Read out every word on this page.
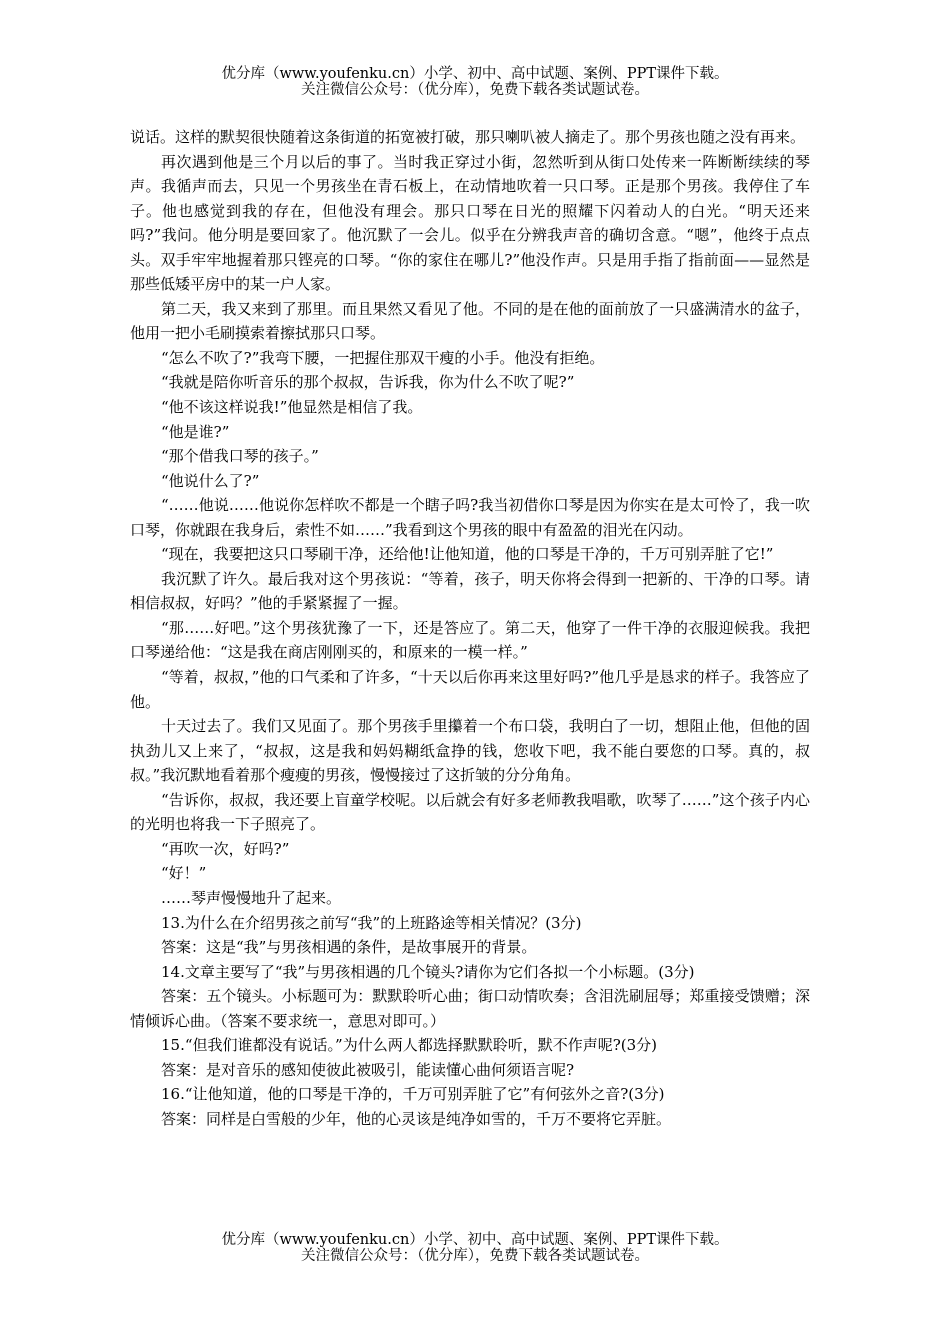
优分库（www.youfenku.cn）小学、初中、高中试题、案例、PPT课件下载。
关注微信公众号：（优分库），免费下载各类试题试卷。

说话。这样的默契很快随着这条街道的拓宽被打破，那只喇叭被人摘走了。那个男孩也随之没有再来。

再次遇到他是三个月以后的事了。当时我正穿过小街，忽然听到从街口处传来一阵断断续续的琴声。我循声而去，只见一个男孩坐在青石板上，在动情地吹着一只口琴。正是那个男孩。我停住了车子。他也感觉到我的存在，但他没有理会。那只口琴在日光的照耀下闪着动人的白光。“明天还来吗?”我问。他分明是要回家了。他沉默了一会儿。似乎在分辨我声音的确切含意。“嗯”，他终于点点头。双手牢牢地握着那只铿亮的口琴。“你的家住在哪儿?”他没作声。只是用手指了指前面——显然是那些低矮平房中的某一户人家。

第二天，我又来到了那里。而且果然又看见了他。不同的是在他的面前放了一只盛满清水的盆子，他用一把小毛刷摸索着擦拭那只口琴。

“怎么不吹了?”我弯下腰，一把握住那双干瘦的小手。他没有拒绝。

“我就是陪你听音乐的那个叔叔，告诉我，你为什么不吹了呢?”

“他不该这样说我!”他显然是相信了我。

“他是谁?”

“那个借我口琴的孩子。”

“他说什么了?”

“……他说……他说你怎样吹不都是一个瞎子吗?我当初借你口琴是因为你实在是太可怜了，我一吹口琴，你就跟在我身后，索性不如……”我看到这个男孩的眼中有盈盈的泪光在闪动。

“现在，我要把这只口琴刷干净，还给他!让他知道，他的口琴是干净的，千万可别弄脏了它!”

我沉默了许久。最后我对这个男孩说：“等着，孩子，明天你将会得到一把新的、干净的口琴。请相信叔叔，好吗？”他的手紧紧握了一握。

“那……好吧。”这个男孩犹豫了一下，还是答应了。第二天，他穿了一件干净的衣服迎候我。我把口琴递给他：“这是我在商店刚刚买的，和原来的一模一样。”

“等着，叔叔，”他的口气柔和了许多，“十天以后你再来这里好吗?”他几乎是恳求的样子。我答应了他。

十天过去了。我们又见面了。那个男孩手里攥着一个布口袋，我明白了一切，想阻止他，但他的固执劲儿又上来了，“叔叔，这是我和妈妈糊纸盒挣的钱，您收下吧，我不能白要您的口琴。真的，叔叔。”我沉默地看着那个瘦瘦的男孩，慢慢接过了这折皱的分分角角。

“告诉你，叔叔，我还要上盲童学校呢。以后就会有好多老师教我唱歌，吹琴了……”这个孩子内心的光明也将我一下子照亮了。

“再吹一次，好吗?”

“好！”

……琴声慢慢地升了起来。

13.为什么在介绍男孩之前写“我”的上班路途等相关情况？(3分)

答案：这是“我”与男孩相遇的条件，是故事展开的背景。

14.文章主要写了“我”与男孩相遇的几个镜头?请你为它们各拟一个小标题。(3分)

答案：五个镜头。小标题可为：默默聆听心曲；街口动情吹奏；含泪洗刷屈辱；郑重接受馈赠；深情倾诉心曲。（答案不要求统一，意思对即可。）

15.“但我们谁都没有说话。”为什么两人都选择默默聆听，默不作声呢?(3分)

答案：是对音乐的感知使彼此被吸引，能读懂心曲何须语言呢?

16.“让他知道，他的口琴是干净的，千万可别弄脏了它”有何弦外之音?(3分)

答案：同样是白雪般的少年，他的心灵该是纯净如雪的，千万不要将它弄脏。

优分库（www.youfenku.cn）小学、初中、高中试题、案例、PPT课件下载。
关注微信公众号：（优分库），免费下载各类试题试卷。
